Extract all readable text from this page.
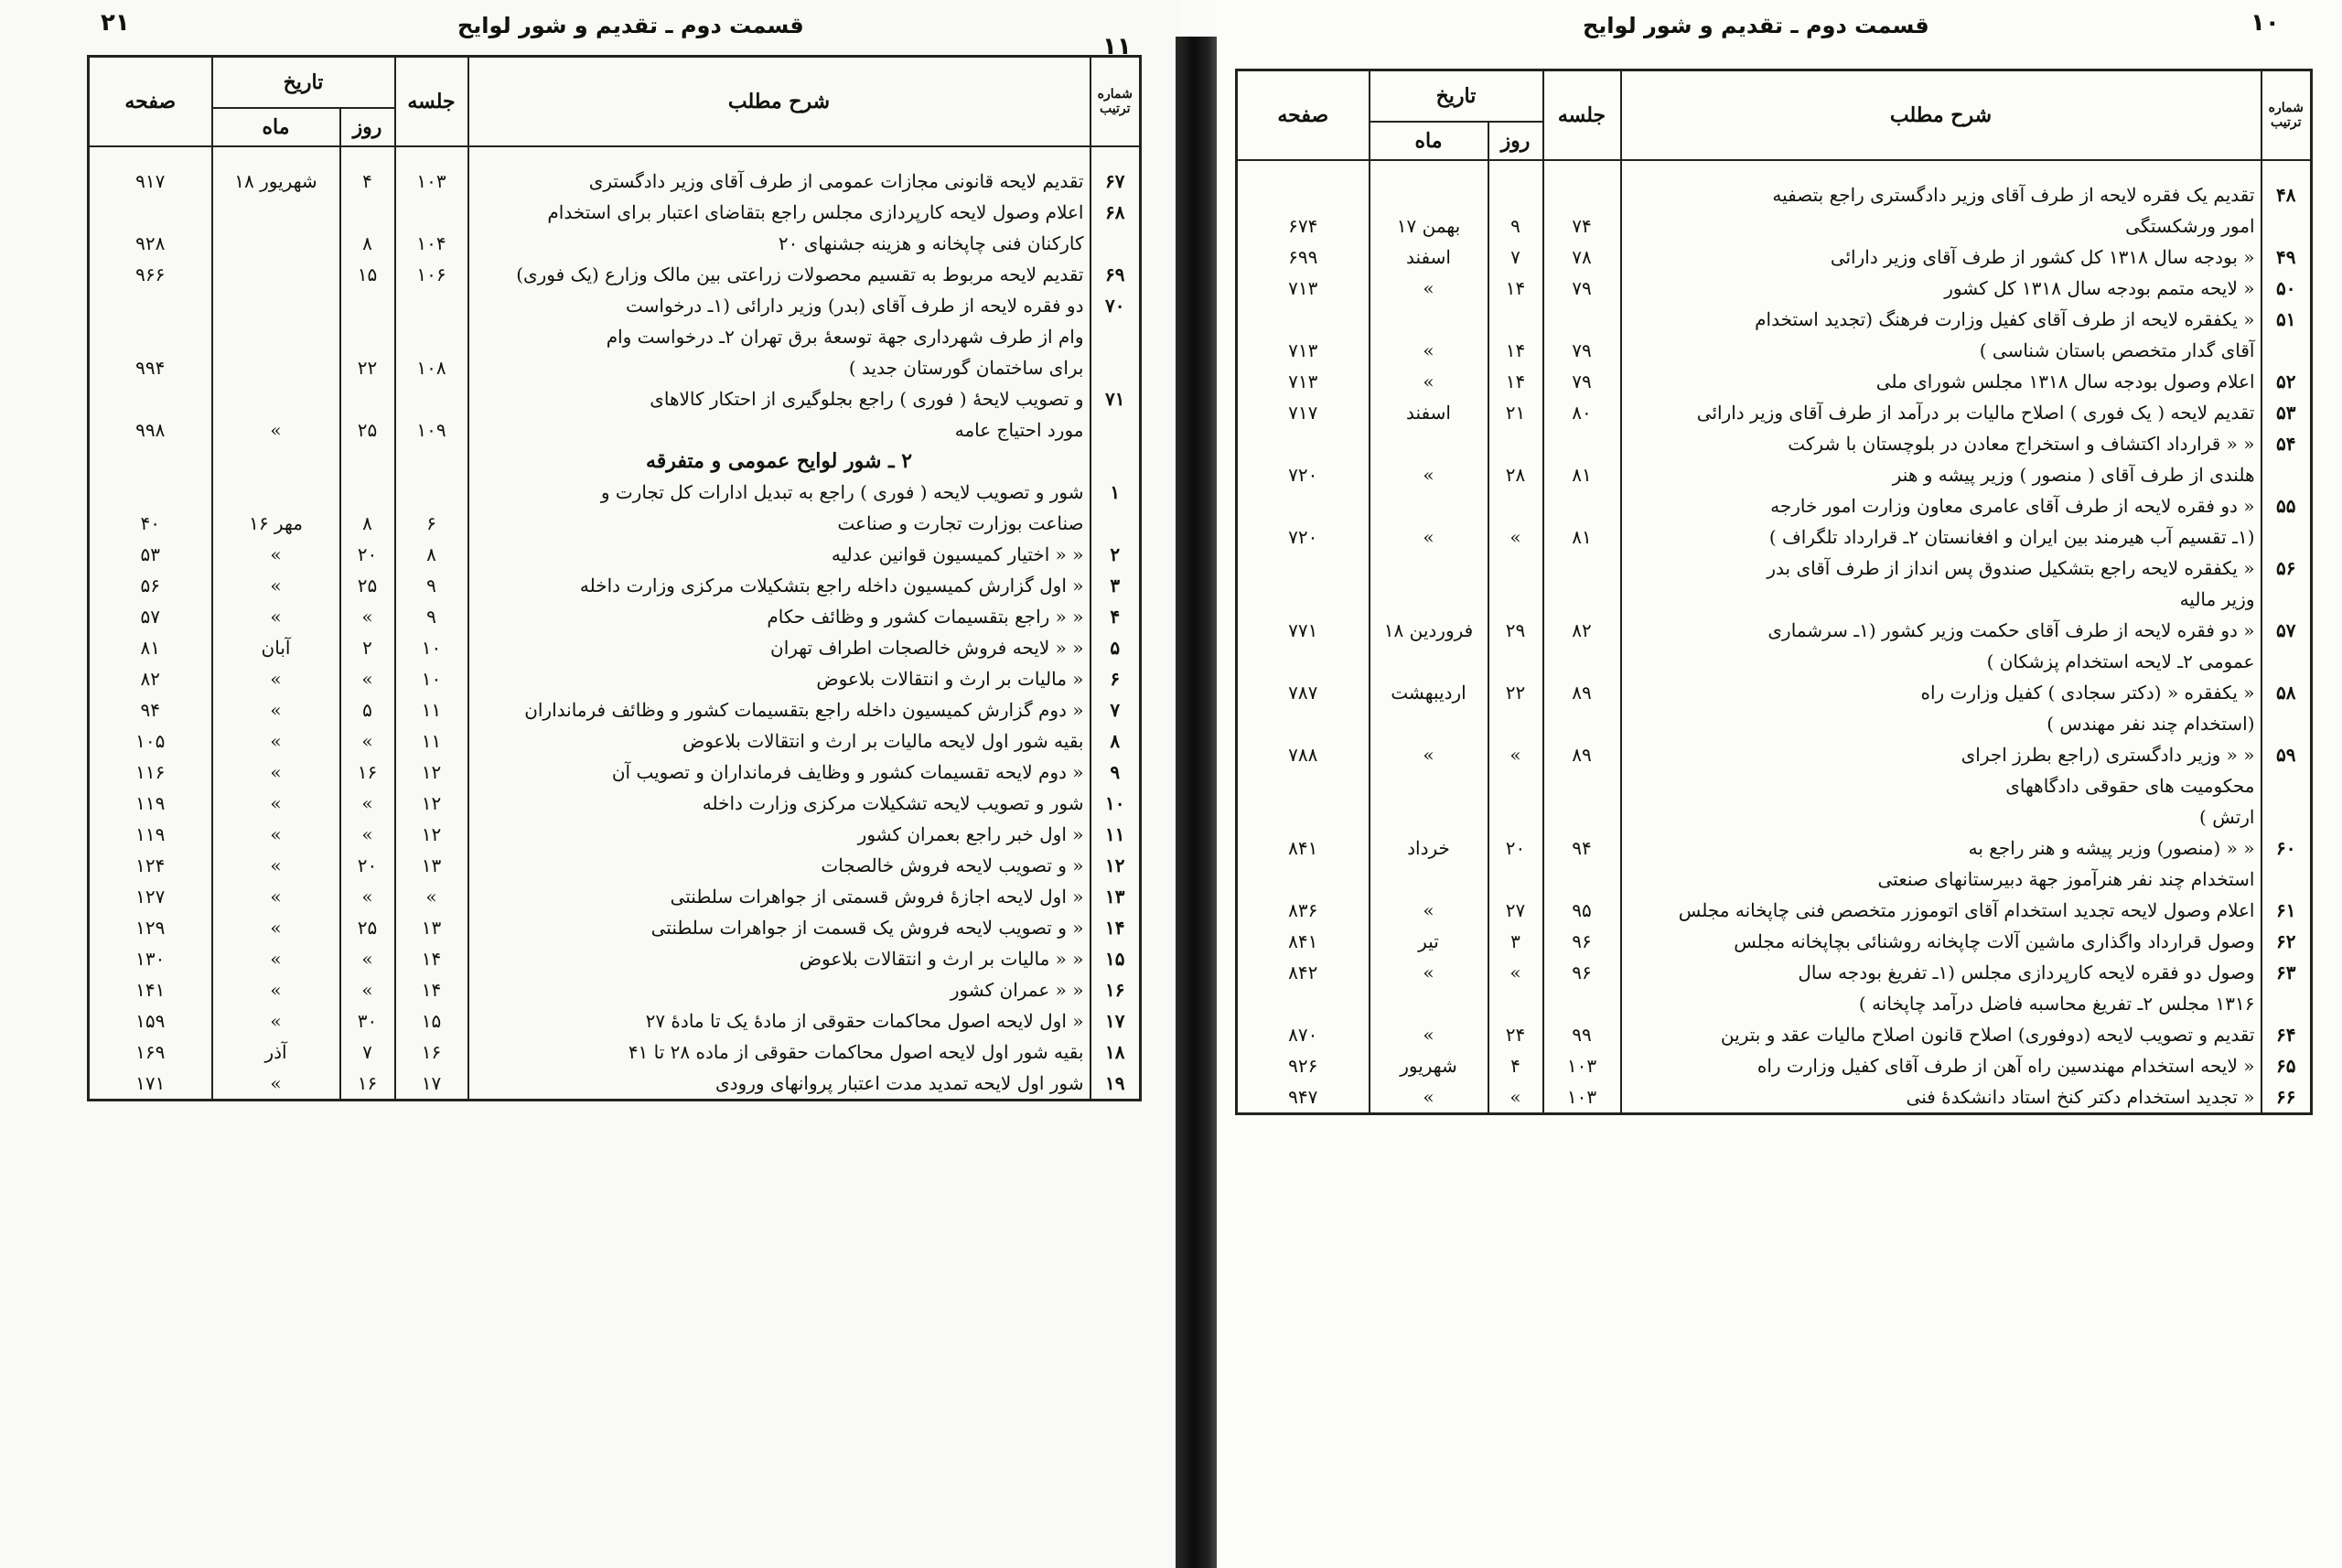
۲۱	قسمت دوم ـ تقدیم و شور لوایح
۱۱
شماره ترتیب	شرح مطلب	جلسه	تاریخ		صفحه
			روز	ماه	
۶۷	تقدیم لایحه قانونی مجازات عمومی از طرف آقای وزیر دادگستری	۱۰۳	۴	شهریور ۱۸	۹۱۷
۶۸	اعلام وصول لایحه کارپردازی مجلس راجع بتقاضای اعتبار برای استخدام				
	کارکنان فنی چاپخانه و هزینه جشنهای ۲۰	۱۰۴	۸		۹۲۸
۶۹	تقدیم لایحه مربوط به تقسیم محصولات زراعتی بین مالک وزارع (یک فوری)	۱۰۶	۱۵		۹۶۶
۷۰	دو فقره لایحه از طرف آقای (بدر) وزیر دارائی (۱ـ درخواست				
	وام از طرف شهرداری جهة توسعهٔ برق تهران ۲ـ درخواست وام				
	برای ساختمان گورستان جدید )	۱۰۸	۲۲		۹۹۴
۷۱	و تصویب لایحهٔ ( فوری ) راجع بجلوگیری از احتکار کالاهای				
	مورد احتیاج عامه	۱۰۹	۲۵	»	۹۹۸
	۲ ـ شور لوایح عمومی و متفرقه				
۱	شور و تصویب لایحه ( فوری ) راجع به تبدیل ادارات کل تجارت و				
	صناعت بوزارت تجارت و صناعت	۶	۸	مهر ۱۶	۴۰
۲	« « اختیار کمیسیون قوانین عدلیه	۸	۲۰	»	۵۳
۳	« اول گزارش کمیسیون داخله راجع بتشکیلات مرکزی وزارت داخله	۹	۲۵	»	۵۶
۴	« « راجع بتقسیمات کشور و وظائف حکام	۹	»	»	۵۷
۵	« « لایحه فروش خالصجات اطراف تهران	۱۰	۲	آبان	۸۱
۶	« مالیات بر ارث و انتقالات بلاعوض	۱۰	»	»	۸۲
۷	« دوم گزارش کمیسیون داخله راجع بتقسیمات کشور و وظائف فرمانداران	۱۱	۵	»	۹۴
۸	بقیه شور اول لایحه مالیات بر ارث و انتقالات بلاعوض	۱۱	»	»	۱۰۵
۹	« دوم لایحه تقسیمات کشور و وظایف فرمانداران و تصویب آن	۱۲	۱۶	»	۱۱۶
۱۰	شور و تصویب لایحه تشکیلات مرکزی وزارت داخله	۱۲	»	»	۱۱۹
۱۱	« اول خبر راجع بعمران کشور	۱۲	»	»	۱۱۹
۱۲	« و تصویب لایحه فروش خالصجات	۱۳	۲۰	»	۱۲۴
۱۳	« اول لایحه اجازهٔ فروش قسمتی از جواهرات سلطنتی	»	»	»	۱۲۷
۱۴	« و تصویب لایحه فروش یک قسمت از جواهرات سلطنتی	۱۳	۲۵	»	۱۲۹
۱۵	« « مالیات بر ارث و انتقالات بلاعوض	۱۴	»	»	۱۳۰
۱۶	« « عمران کشور	۱۴	»	»	۱۴۱
۱۷	« اول لایحه اصول محاکمات حقوقی از مادهٔ یک تا مادهٔ ۲۷	۱۵	۳۰	»	۱۵۹
۱۸	بقیه شور اول لایحه اصول محاکمات حقوقی از ماده ۲۸ تا ۴۱	۱۶	۷	آذر	۱۶۹
۱۹	شور اول لایحه تمدید مدت اعتبار پروانهای ورودی	۱۷	۱۶	»	۱۷۱
قسمت دوم ـ تقدیم و شور لوایح	۱۰
شماره ترتیب	شرح مطلب	جلسه	تاریخ		صفحه
			روز	ماه	
۴۸	تقدیم یک فقره لایحه از طرف آقای وزیر دادگستری راجع بتصفیه				
	امور ورشکستگی	۷۴	۹	بهمن ۱۷	۶۷۴
۴۹	« بودجه سال ۱۳۱۸ کل کشور از طرف آقای وزیر دارائی	۷۸	۷	اسفند	۶۹۹
۵۰	« لایحه متمم بودجه سال ۱۳۱۸ کل کشور	۷۹	۱۴	»	۷۱۳
۵۱	« یکفقره لایحه از طرف آقای کفیل وزارت فرهنگ (تجدید استخدام				
	آقای گدار متخصص باستان شناسی )	۷۹	۱۴	»	۷۱۳
۵۲	اعلام وصول بودجه سال ۱۳۱۸ مجلس شورای ملی	۷۹	۱۴	»	۷۱۳
۵۳	تقدیم لایحه ( یک فوری ) اصلاح مالیات بر درآمد از طرف آقای وزیر دارائی	۸۰	۲۱	اسفند	۷۱۷
۵۴	« « قرارداد اکتشاف و استخراج معادن در بلوچستان با شرکت				
	هلندی از طرف آقای ( منصور ) وزیر پیشه و هنر	۸۱	۲۸	»	۷۲۰
۵۵	« دو فقره لایحه از طرف آقای عامری معاون وزارت امور خارجه				
	(۱ـ تقسیم آب هیرمند بین ایران و افغانستان ۲ـ قرارداد تلگراف )	۸۱	»	»	۷۲۰
۵۶	« یکفقره لایحه راجع بتشکیل صندوق پس انداز از طرف آقای بدر				
	وزیر مالیه				
۵۷	« دو فقره لایحه از طرف آقای حکمت وزیر کشور (۱ـ سرشماری	۸۲	۲۹	فروردین ۱۸	۷۷۱
	عمومی ۲ـ لایحه استخدام پزشکان )				
۵۸	« یکفقره « (دکتر سجادی ) کفیل وزارت راه	۸۹	۲۲	اردیبهشت	۷۸۷
	(استخدام چند نفر مهندس )				
۵۹	« « وزیر دادگستری (راجع بطرز اجرای	۸۹	»	»	۷۸۸
	محکومیت های حقوقی دادگاههای				
	ارتش )				
۶۰	« « (منصور) وزیر پیشه و هنر راجع به	۹۴	۲۰	خرداد	۸۴۱
	استخدام چند نفر هنرآموز جهة دبیرستانهای صنعتی				
۶۱	اعلام وصول لایحه تجدید استخدام آقای اتوموزر متخصص فنی چاپخانه مجلس	۹۵	۲۷	»	۸۳۶
۶۲	وصول قرارداد واگذاری ماشین آلات چاپخانه روشنائی بچاپخانه مجلس	۹۶	۳	تیر	۸۴۱
۶۳	وصول دو فقره لایحه کارپردازی مجلس (۱ـ تفریغ بودجه سال	۹۶	»	»	۸۴۲
	۱۳۱۶ مجلس ۲ـ تفریغ محاسبه فاضل درآمد چاپخانه )				
۶۴	تقدیم و تصویب لایحه (دوفوری) اصلاح قانون اصلاح مالیات عقد و بترین	۹۹	۲۴	»	۸۷۰
۶۵	« لایحه استخدام مهندسین راه آهن از طرف آقای کفیل وزارت راه	۱۰۳	۴	شهریور	۹۲۶
۶۶	« تجدید استخدام دکتر کنخ استاد دانشکدهٔ فنی	۱۰۳	»	»	۹۴۷
